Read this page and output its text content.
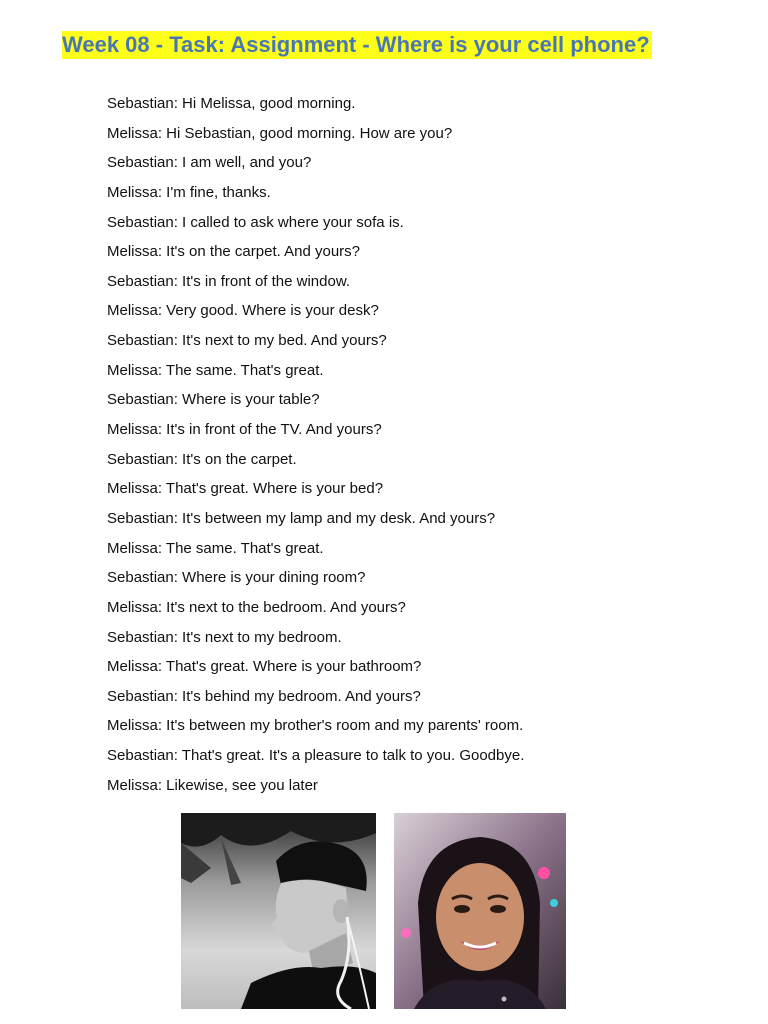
Week 08 - Task: Assignment - Where is your cell phone?
Sebastian: Hi Melissa, good morning.
Melissa: Hi Sebastian, good morning. How are you?
Sebastian: I am well, and you?
Melissa: I'm fine, thanks.
Sebastian: I called to ask where your sofa is.
Melissa: It's on the carpet. And yours?
Sebastian: It's in front of the window.
Melissa: Very good. Where is your desk?
Sebastian: It's next to my bed. And yours?
Melissa: The same. That's great.
Sebastian: Where is your table?
Melissa: It's in front of the TV. And yours?
Sebastian: It's on the carpet.
Melissa: That's great. Where is your bed?
Sebastian: It's between my lamp and my desk. And yours?
Melissa: The same. That's great.
Sebastian: Where is your dining room?
Melissa: It's next to the bedroom. And yours?
Sebastian: It's next to my bedroom.
Melissa: That's great. Where is your bathroom?
Sebastian: It's behind my bedroom. And yours?
Melissa: It's between my brother's room and my parents' room.
Sebastian: That's great. It's a pleasure to talk to you. Goodbye.
Melissa: Likewise, see you later
